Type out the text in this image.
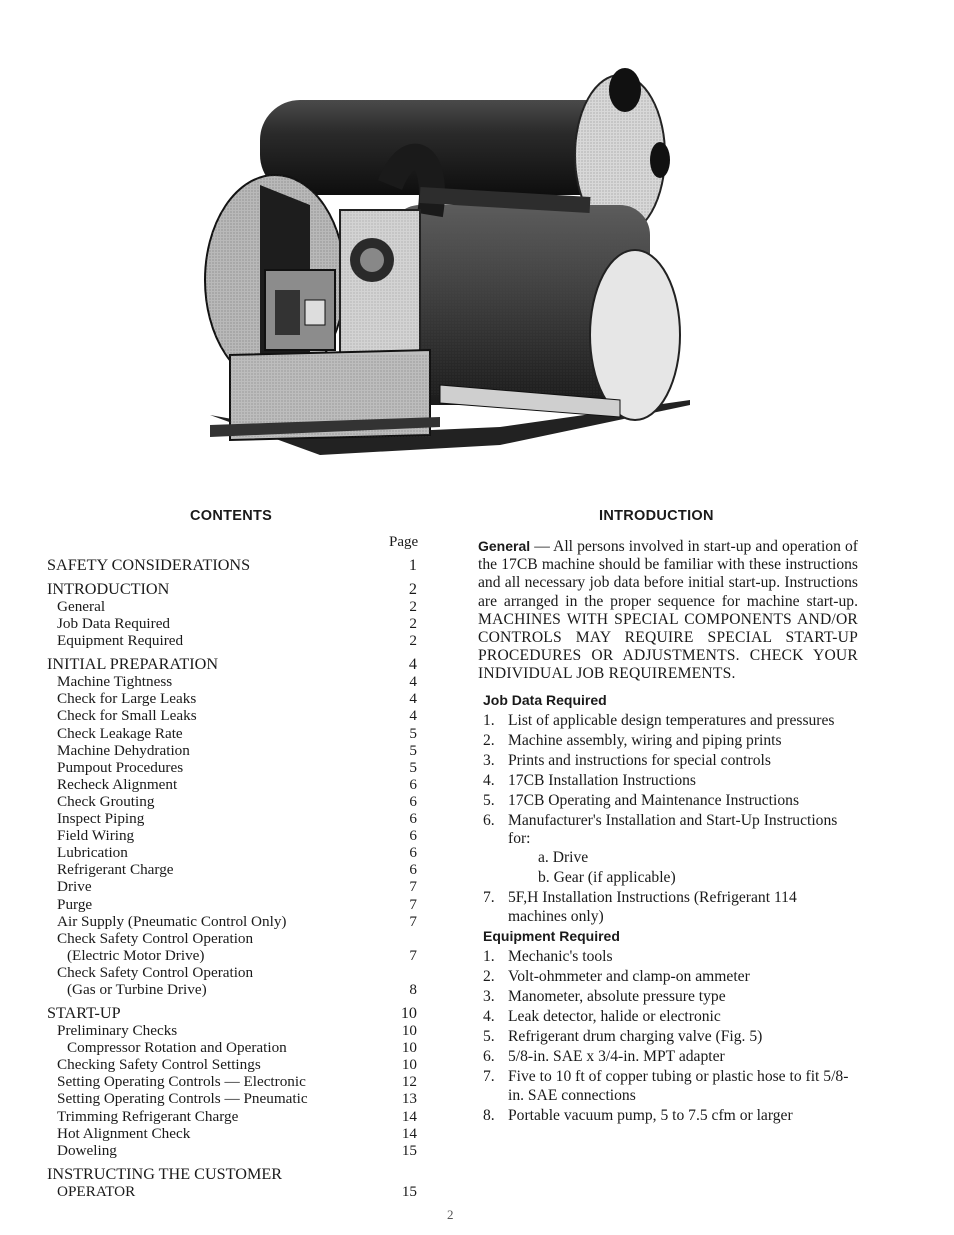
CONTENTS
Page
SAFETY CONSIDERATIONS	1
INTRODUCTION	2
General	2
Job Data Required	2
Equipment Required	2
INITIAL PREPARATION	4
Machine Tightness	4
Check for Large Leaks	4
Check for Small Leaks	4
Check Leakage Rate	5
Machine Dehydration	5
Pumpout Procedures	5
Recheck Alignment	6
Check Grouting	6
Inspect Piping	6
Field Wiring	6
Lubrication	6
Refrigerant Charge	6
Drive	7
Purge	7
Air Supply (Pneumatic Control Only)	7
Check Safety Control Operation
(Electric Motor Drive)	7
Check Safety Control Operation
(Gas or Turbine Drive)	8
START-UP	10
Preliminary Checks	10
Compressor Rotation and Operation	10
Checking Safety Control Settings	10
Setting Operating Controls — Electronic	12
Setting Operating Controls — Pneumatic	13
Trimming Refrigerant Charge	14
Hot Alignment Check	14
Doweling	15
INSTRUCTING THE CUSTOMER
OPERATOR	15
INTRODUCTION

General — All persons involved in start-up and operation of the 17CB machine should be familiar with these instructions and all necessary job data before initial start-up. Instructions are arranged in the proper sequence for machine start-up. MACHINES WITH SPECIAL COMPONENTS AND/OR CONTROLS MAY REQUIRE SPECIAL START-UP PROCEDURES OR ADJUSTMENTS. CHECK YOUR INDIVIDUAL JOB REQUIREMENTS.

Job Data Required
1. List of applicable design temperatures and pressures
2. Machine assembly, wiring and piping prints
3. Prints and instructions for special controls
4. 17CB Installation Instructions
5. 17CB Operating and Maintenance Instructions
6. Manufacturer's Installation and Start-Up Instructions for:
a. Drive
b. Gear (if applicable)
7. 5F,H Installation Instructions (Refrigerant 114 machines only)
Equipment Required
1. Mechanic's tools
2. Volt-ohmmeter and clamp-on ammeter
3. Manometer, absolute pressure type
4. Leak detector, halide or electronic
5. Refrigerant drum charging valve (Fig. 5)
6. 5/8-in. SAE x 3/4-in. MPT adapter
7. Five to 10 ft of copper tubing or plastic hose to fit 5/8-in. SAE connections
8. Portable vacuum pump, 5 to 7.5 cfm or larger
2
